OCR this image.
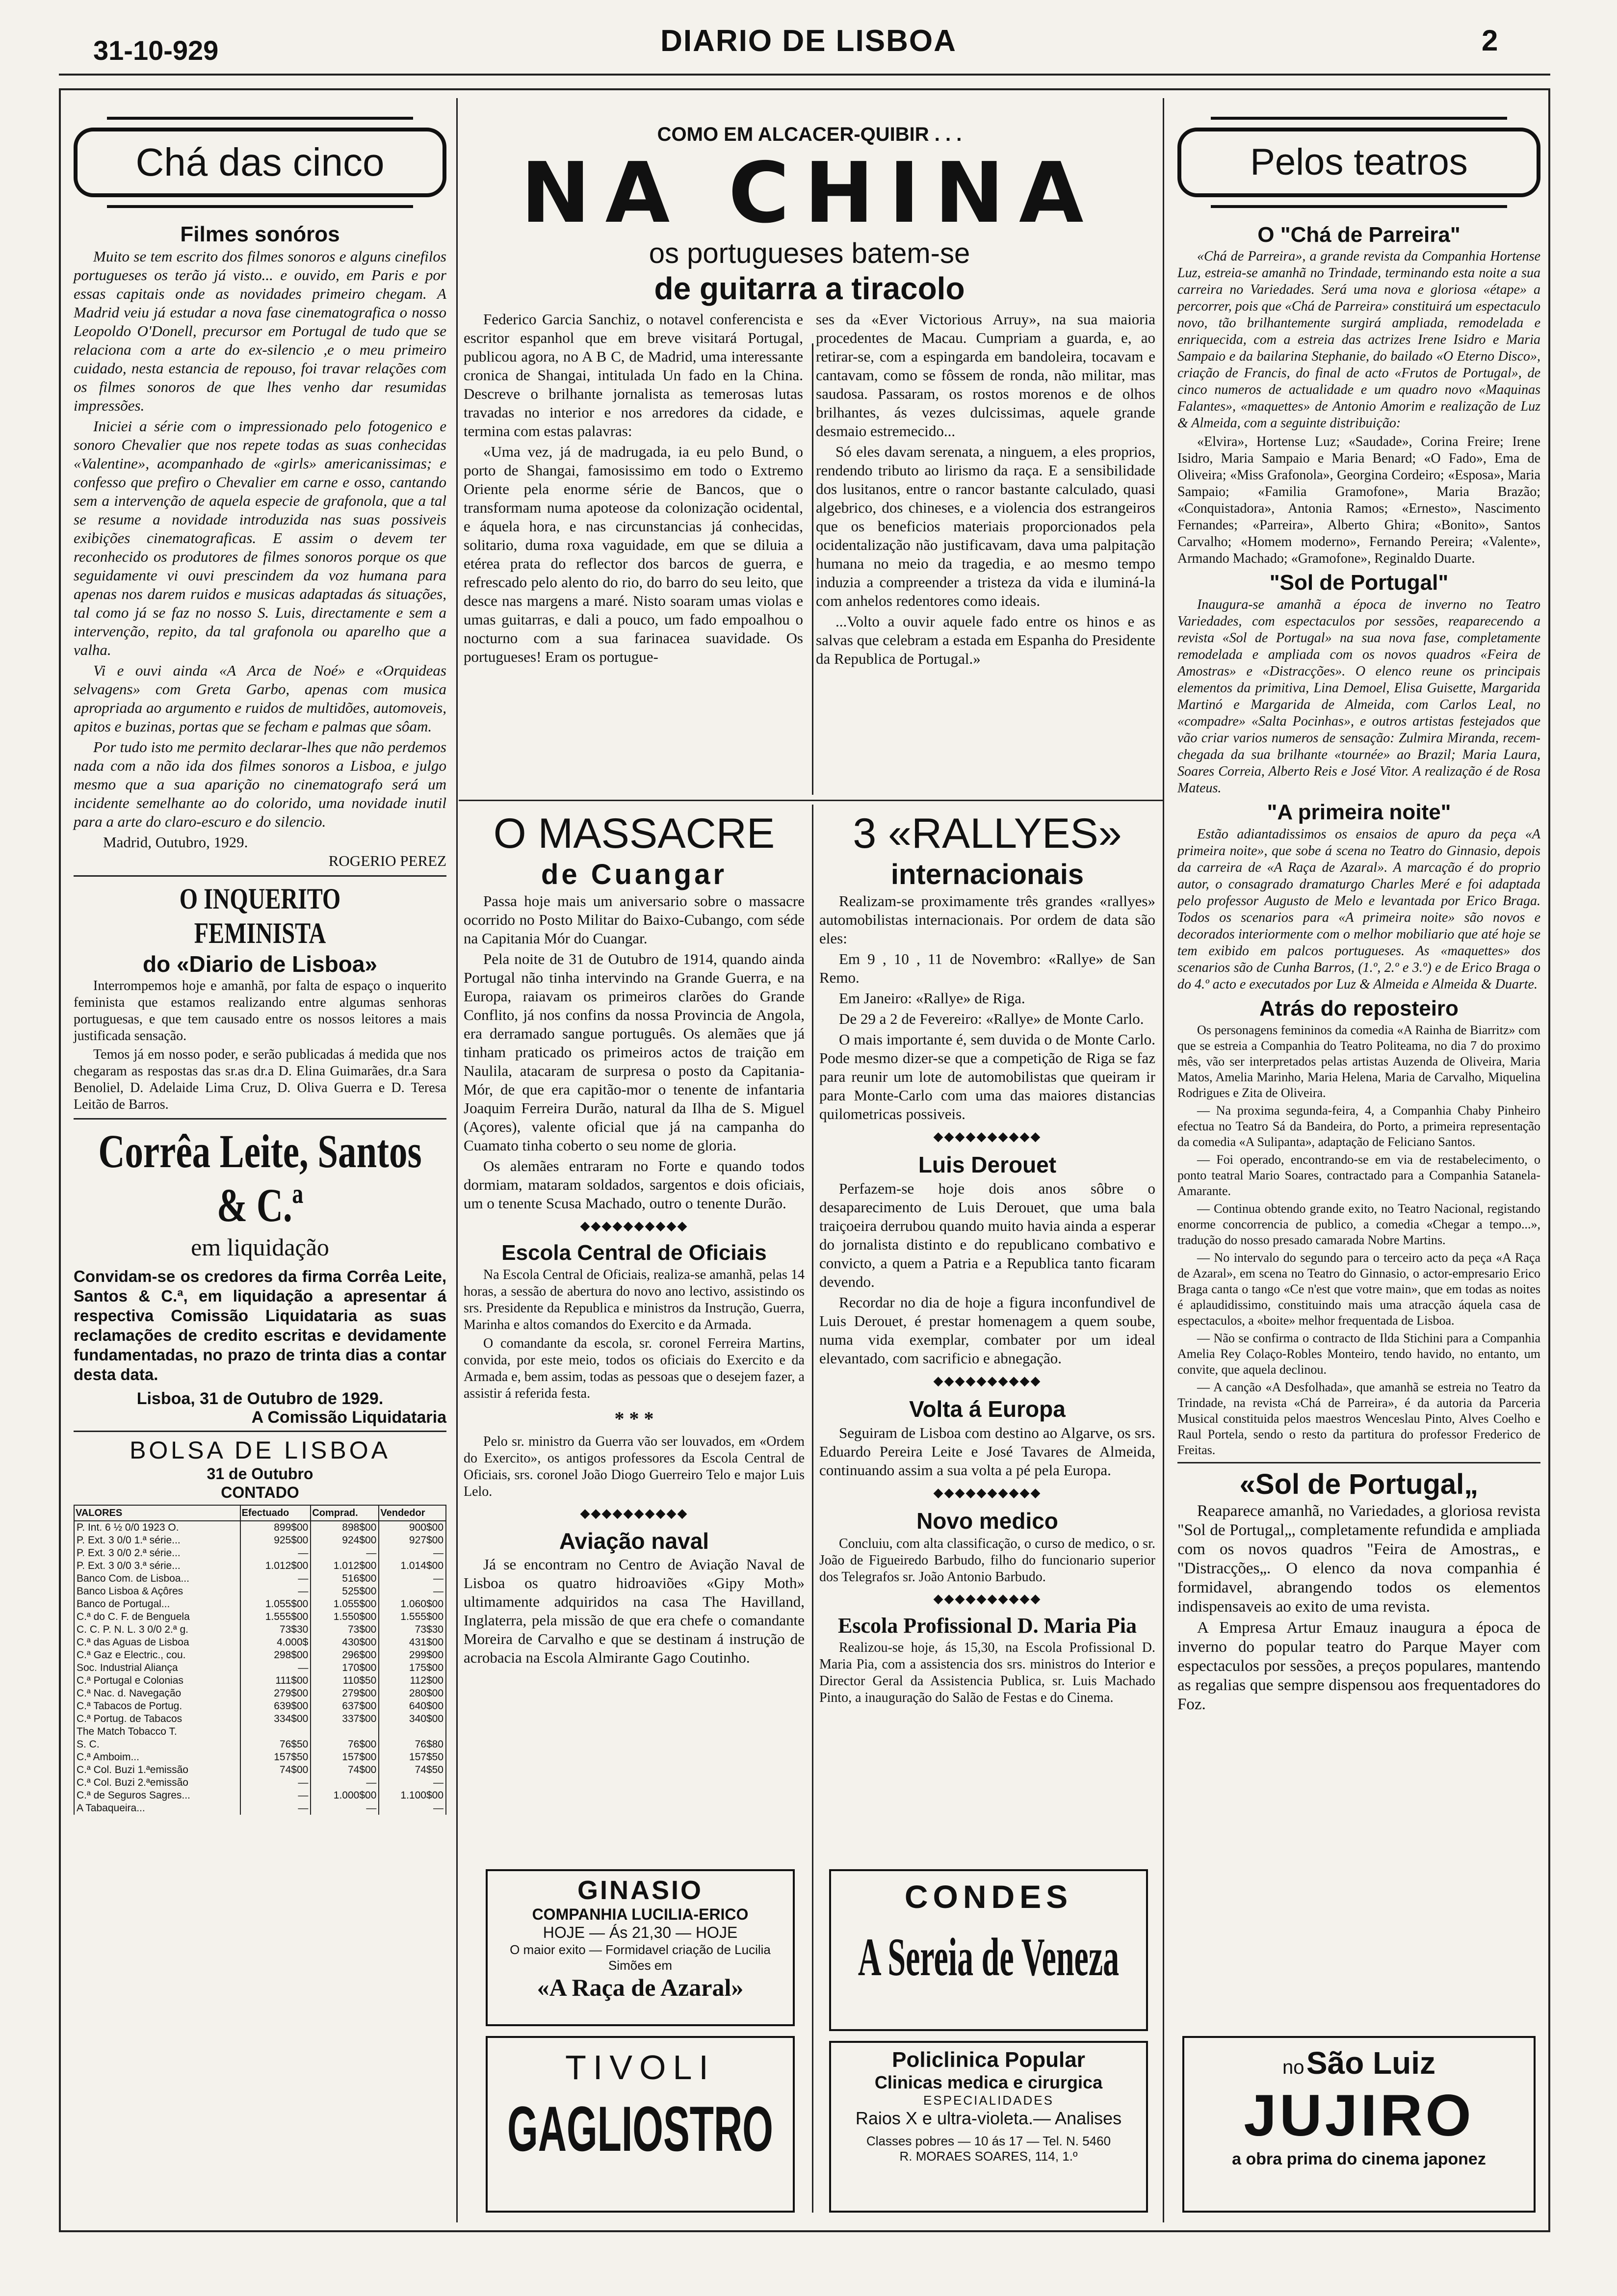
31-10-929	DIARIO DE LISBOA	2
Chá das cinco
Filmes sonóros

Muito se tem escrito dos filmes sonoros e alguns cinefilos portugueses os terão já visto... e ouvido, em Paris e por essas capitais onde as novidades primeiro chegam. A Madrid veiu já estudar a nova fase cinematografica o nosso Leopoldo O'Donell, precursor em Portugal de tudo que se relaciona com a arte do ex-silencio ,e o meu primeiro cuidado, nesta estancia de repouso, foi travar relações com os filmes sonoros de que lhes venho dar resumidas impressões.

Iniciei a série com o impressionado pelo fotogenico e sonoro Chevalier que nos repete todas as suas conhecidas «Valentine», acompanhado de «girls» americanissimas; e confesso que prefiro o Chevalier em carne e osso, cantando sem a intervenção de aquela especie de grafonola, que a tal se resume a novidade introduzida nas suas possiveis exibições cinematograficas. E assim o devem ter reconhecido os produtores de filmes sonoros porque os que seguidamente vi ouvi prescindem da voz humana para apenas nos darem ruidos e musicas adaptadas ás situações, tal como já se faz no nosso S. Luis, directamente e sem a intervenção, repito, da tal grafonola ou aparelho que a valha.

Vi e ouvi ainda «A Arca de Noé» e «Orquideas selvagens» com Greta Garbo, apenas com musica apropriada ao argumento e ruidos de multidões, automoveis, apitos e buzinas, portas que se fecham e palmas que sôam.

Por tudo isto me permito declarar-lhes que não perdemos nada com a não ida dos filmes sonoros a Lisboa, e julgo mesmo que a sua aparição no cinematografo será um incidente semelhante ao do colorido, uma novidade inutil para a arte do claro-escuro e do silencio.

Madrid, Outubro, 1929.
ROGERIO PEREZ
O INQUERITO FEMINISTA
do «Diario de Lisboa»

Interrompemos hoje e amanhã, por falta de espaço o inquerito feminista que estamos realizando entre algumas senhoras portuguesas, e que tem causado entre os nossos leitores a mais justificada sensação.

Temos já em nosso poder, e serão publicadas á medida que nos chegaram as respostas das sr.as dr.a D. Elina Guimarães, dr.a Sara Benoliel, D. Adelaide Lima Cruz, D. Oliva Guerra e D. Teresa Leitão de Barros.

Corrêa Leite, Santos & C.ª
em liquidação
Convidam-se os credores da firma Corrêa Leite, Santos & C.ª, em liquidação a apresentar á respectiva Comissão Liquidataria as suas reclamações de credito escritas e devidamente fundamentadas, no prazo de trinta dias a contar desta data.
Lisboa, 31 de Outubro de 1929.
A Comissão Liquidataria
BOLSA DE LISBOA
31 de Outubro
CONTADO
VALORES	Efectuado	Comprad.	Vendedor
P. Int. 6 ½ 0/0 1923 O.	899$00	898$00	900$00
P. Ext. 3 0/0 1.ª série...	925$00	924$00	927$00
P. Ext. 3 0/0 2.ª série...	—	—	—
P. Ext. 3 0/0 3.ª série...	1.012$00	1.012$00	1.014$00
Banco Com. de Lisboa...	—	516$00	—
Banco Lisboa & Açôres	—	525$00	—
Banco de Portugal...	1.055$00	1.055$00	1.060$00
C.ª do C. F. de Benguela	1.555$00	1.550$00	1.555$00
C. C. P. N. L. 3 0/0 2.ª g.	73$30	73$00	73$30
C.ª das Aguas de Lisboa	4.000$	430$00	431$00
C.ª Gaz e Electric., cou.	298$00	296$00	299$00
Soc. Industrial Aliança	—	170$00	175$00
C.ª Portugal e Colonias	111$00	110$50	112$00
C.ª Nac. d. Navegação	279$00	279$00	280$00
C.ª Tabacos de Portug.	639$00	637$00	640$00
C.ª Portug. de Tabacos	334$00	337$00	340$00
The Match Tobacco T.			
S. C.	76$50	76$00	76$80
C.ª Amboim...	157$50	157$00	157$50
C.ª Col. Buzi 1.ªemissão	74$00	74$00	74$50
C.ª Col. Buzi 2.ªemissão	—	—	—
C.ª de Seguros Sagres...	—	1.000$00	1.100$00
A Tabaqueira...	—	—	—
COMO EM ALCACER-QUIBIR . . .
NA CHINA
os portugueses batem-se
de guitarra a tiracolo

Federico Garcia Sanchiz, o notavel conferencista e escritor espanhol que em breve visitará Portugal, publicou agora, no A B C, de Madrid, uma interessante cronica de Shangai, intitulada Un fado en la China. Descreve o brilhante jornalista as temerosas lutas travadas no interior e nos arredores da cidade, e termina com estas palavras:

«Uma vez, já de madrugada, ia eu pelo Bund, o porto de Shangai, famosissimo em todo o Extremo Oriente pela enorme série de Bancos, que o transformam numa apoteose da colonização ocidental, e áquela hora, e nas circunstancias já conhecidas, solitario, duma roxa vaguidade, em que se diluia a etérea prata do reflector dos barcos de guerra, e refrescado pelo alento do rio, do barro do seu leito, que desce nas margens a maré. Nisto soaram umas violas e umas guitarras, e dali a pouco, um fado empoalhou o nocturno com a sua farinacea suavidade. Os portugueses! Eram os portugue-

ses da «Ever Victorious Arruy», na sua maioria procedentes de Macau. Cumpriam a guarda, e, ao retirar-se, com a espingarda em bandoleira, tocavam e cantavam, como se fôssem de ronda, não militar, mas saudosa. Passaram, os rostos morenos e de olhos brilhantes, ás vezes dulcissimas, aquele grande desmaio estremecido...

Só eles davam serenata, a ninguem, a eles proprios, rendendo tributo ao lirismo da raça. E a sensibilidade dos lusitanos, entre o rancor bastante calculado, quasi algebrico, dos chineses, e a violencia dos estrangeiros que os beneficios materiais proporcionados pela ocidentalização não justificavam, dava uma palpitação humana no meio da tragedia, e ao mesmo tempo induzia a compreender a tristeza da vida e iluminá-la com anhelos redentores como ideais.

...Volto a ouvir aquele fado entre os hinos e as salvas que celebram a estada em Espanha do Presidente da Republica de Portugal.»

O MASSACRE
de Cuangar

Passa hoje mais um aniversario sobre o massacre ocorrido no Posto Militar do Baixo-Cubango, com séde na Capitania Mór do Cuangar.

Pela noite de 31 de Outubro de 1914, quando ainda Portugal não tinha intervindo na Grande Guerra, e na Europa, raiavam os primeiros clarões do Grande Conflito, já nos confins da nossa Provincia de Angola, era derramado sangue português. Os alemães que já tinham praticado os primeiros actos de traição em Naulila, atacaram de surpresa o posto da Capitania-Mór, de que era capitão-mor o tenente de infantaria Joaquim Ferreira Durão, natural da Ilha de S. Miguel (Açores), valente oficial que já na campanha do Cuamato tinha coberto o seu nome de gloria.

Os alemães entraram no Forte e quando todos dormiam, mataram soldados, sargentos e dois oficiais, um o tenente Scusa Machado, outro o tenente Durão.

◆◆◆◆◆◆◆◆◆◆
Escola Central de Oficiais

Na Escola Central de Oficiais, realiza-se amanhã, pelas 14 horas, a sessão de abertura do novo ano lectivo, assistindo os srs. Presidente da Republica e ministros da Instrução, Guerra, Marinha e altos comandos do Exercito e da Armada.

O comandante da escola, sr. coronel Ferreira Martins, convida, por este meio, todos os oficiais do Exercito e da Armada e, bem assim, todas as pessoas que o desejem fazer, a assistir á referida festa.

* * *

Pelo sr. ministro da Guerra vão ser louvados, em «Ordem do Exercito», os antigos professores da Escola Central de Oficiais, srs. coronel João Diogo Guerreiro Telo e major Luis Lelo.

◆◆◆◆◆◆◆◆◆◆
Aviação naval

Já se encontram no Centro de Aviação Naval de Lisboa os quatro hidroaviões «Gipy Moth» ultimamente adquiridos na casa The Havilland, Inglaterra, pela missão de que era chefe o comandante Moreira de Carvalho e que se destinam á instrução de acrobacia na Escola Almirante Gago Coutinho.

3 «RALLYES»
internacionais

Realizam-se proximamente três grandes «rallyes» automobilistas internacionais. Por ordem de data são eles:

Em 9 , 10 , 11 de Novembro: «Rallye» de San Remo.

Em Janeiro: «Rallye» de Riga.

De 29 a 2 de Fevereiro: «Rallye» de Monte Carlo.

O mais importante é, sem duvida o de Monte Carlo. Pode mesmo dizer-se que a competição de Riga se faz para reunir um lote de automobilistas que queiram ir para Monte-Carlo com uma das maiores distancias quilometricas possiveis.

◆◆◆◆◆◆◆◆◆◆
Luis Derouet

Perfazem-se hoje dois anos sôbre o desaparecimento de Luis Derouet, que uma bala traiçoeira derrubou quando muito havia ainda a esperar do jornalista distinto e do republicano combativo e convicto, a quem a Patria e a Republica tanto ficaram devendo.

Recordar no dia de hoje a figura inconfundivel de Luis Derouet, é prestar homenagem a quem soube, numa vida exemplar, combater por um ideal elevantado, com sacrificio e abnegação.

◆◆◆◆◆◆◆◆◆◆
Volta á Europa

Seguiram de Lisboa com destino ao Algarve, os srs. Eduardo Pereira Leite e José Tavares de Almeida, continuando assim a sua volta a pé pela Europa.

◆◆◆◆◆◆◆◆◆◆
Novo medico

Concluiu, com alta classificação, o curso de medico, o sr. João de Figueiredo Barbudo, filho do funcionario superior dos Telegrafos sr. João Antonio Barbudo.

◆◆◆◆◆◆◆◆◆◆
Escola Profissional D. Maria Pia

Realizou-se hoje, ás 15,30, na Escola Profissional D. Maria Pia, com a assistencia dos srs. ministros do Interior e Director Geral da Assistencia Publica, sr. Luis Machado Pinto, a inauguração do Salão de Festas e do Cinema.

GINASIO
COMPANHIA LUCILIA-ERICO
HOJE — Ás 21,30 — HOJE
O maior exito — Formidavel criação de Lucilia Simões em
«A Raça de Azaral»
TIVOLI
GAGLIOSTRO
CONDES
A Sereia de Veneza
Policlinica Popular
Clinicas medica e cirurgica
ESPECIALIDADES
Raios X e ultra-violeta.— Analises
Classes pobres — 10 ás 17 — Tel. N. 5460
R. MORAES SOARES, 114, 1.º
no São Luiz
JUJIRO
a obra prima do cinema japonez
Pelos teatros
O "Chá de Parreira"

«Chá de Parreira», a grande revista da Companhia Hortense Luz, estreia-se amanhã no Trindade, terminando esta noite a sua carreira no Variedades. Será uma nova e gloriosa «étape» a percorrer, pois que «Chá de Parreira» constituirá um espectaculo novo, tão brilhantemente surgirá ampliada, remodelada e enriquecida, com a estreia das actrizes Irene Isidro e Maria Sampaio e da bailarina Stephanie, do bailado «O Eterno Disco», criação de Francis, do final de acto «Frutos de Portugal», de cinco numeros de actualidade e um quadro novo «Maquinas Falantes», «maquettes» de Antonio Amorim e realização de Luz & Almeida, com a seguinte distribuição:

«Elvira», Hortense Luz; «Saudade», Corina Freire; Irene Isidro, Maria Sampaio e Maria Benard; «O Fado», Ema de Oliveira; «Miss Grafonola», Georgina Cordeiro; «Esposa», Maria Sampaio; «Familia Gramofone», Maria Brazão; «Conquistadora», Antonia Ramos; «Ernesto», Nascimento Fernandes; «Parreira», Alberto Ghira; «Bonito», Santos Carvalho; «Homem moderno», Fernando Pereira; «Valente», Armando Machado; «Gramofone», Reginaldo Duarte.

"Sol de Portugal"

Inaugura-se amanhã a época de inverno no Teatro Variedades, com espectaculos por sessões, reaparecendo a revista «Sol de Portugal» na sua nova fase, completamente remodelada e ampliada com os novos quadros «Feira de Amostras» e «Distracções». O elenco reune os principais elementos da primitiva, Lina Demoel, Elisa Guisette, Margarida Martinó e Margarida de Almeida, com Carlos Leal, no «compadre» «Salta Pocinhas», e outros artistas festejados que vão criar varios numeros de sensação: Zulmira Miranda, recem-chegada da sua brilhante «tournée» ao Brazil; Maria Laura, Soares Correia, Alberto Reis e José Vitor. A realização é de Rosa Mateus.

"A primeira noite"

Estão adiantadissimos os ensaios de apuro da peça «A primeira noite», que sobe á scena no Teatro do Ginnasio, depois da carreira de «A Raça de Azaral». A marcação é do proprio autor, o consagrado dramaturgo Charles Meré e foi adaptada pelo professor Augusto de Melo e levantada por Erico Braga. Todos os scenarios para «A primeira noite» são novos e decorados interiormente com o melhor mobiliario que até hoje se tem exibido em palcos portugueses. As «maquettes» dos scenarios são de Cunha Barros, (1.º, 2.º e 3.º) e de Erico Braga o do 4.º acto e executados por Luz & Almeida e Almeida & Duarte.

Atrás do reposteiro

Os personagens femininos da comedia «A Rainha de Biarritz» com que se estreia a Companhia do Teatro Politeama, no dia 7 do proximo mês, vão ser interpretados pelas artistas Auzenda de Oliveira, Maria Matos, Amelia Marinho, Maria Helena, Maria de Carvalho, Miquelina Rodrigues e Zita de Oliveira.

— Na proxima segunda-feira, 4, a Companhia Chaby Pinheiro efectua no Teatro Sá da Bandeira, do Porto, a primeira representação da comedia «A Sulipanta», adaptação de Feliciano Santos.

— Foi operado, encontrando-se em via de restabelecimento, o ponto teatral Mario Soares, contractado para a Companhia Satanela-Amarante.

— Continua obtendo grande exito, no Teatro Nacional, registando enorme concorrencia de publico, a comedia «Chegar a tempo...», tradução do nosso presado camarada Nobre Martins.

— No intervalo do segundo para o terceiro acto da peça «A Raça de Azaral», em scena no Teatro do Ginnasio, o actor-empresario Erico Braga canta o tango «Ce n'est que votre main», que em todas as noites é aplaudidissimo, constituindo mais uma atracção áquela casa de espectaculos, a «boite» melhor frequentada de Lisboa.

— Não se confirma o contracto de Ilda Stichini para a Companhia Amelia Rey Colaço-Robles Monteiro, tendo havido, no entanto, um convite, que aquela declinou.

— A canção «A Desfolhada», que amanhã se estreia no Teatro da Trindade, na revista «Chá de Parreira», é da autoria da Parceria Musical constituida pelos maestros Wenceslau Pinto, Alves Coelho e Raul Portela, sendo o resto da partitura do professor Frederico de Freitas.

«Sol de Portugal„

Reaparece amanhã, no Variedades, a gloriosa revista "Sol de Portugal„, completamente refundida e ampliada com os novos quadros "Feira de Amostras„ e "Distracções„. O elenco da nova companhia é formidavel, abrangendo todos os elementos indispensaveis ao exito de uma revista.

A Empresa Artur Emauz inaugura a época de inverno do popular teatro do Parque Mayer com espectaculos por sessões, a preços populares, mantendo as regalias que sempre dispensou aos frequentadores do Foz.
